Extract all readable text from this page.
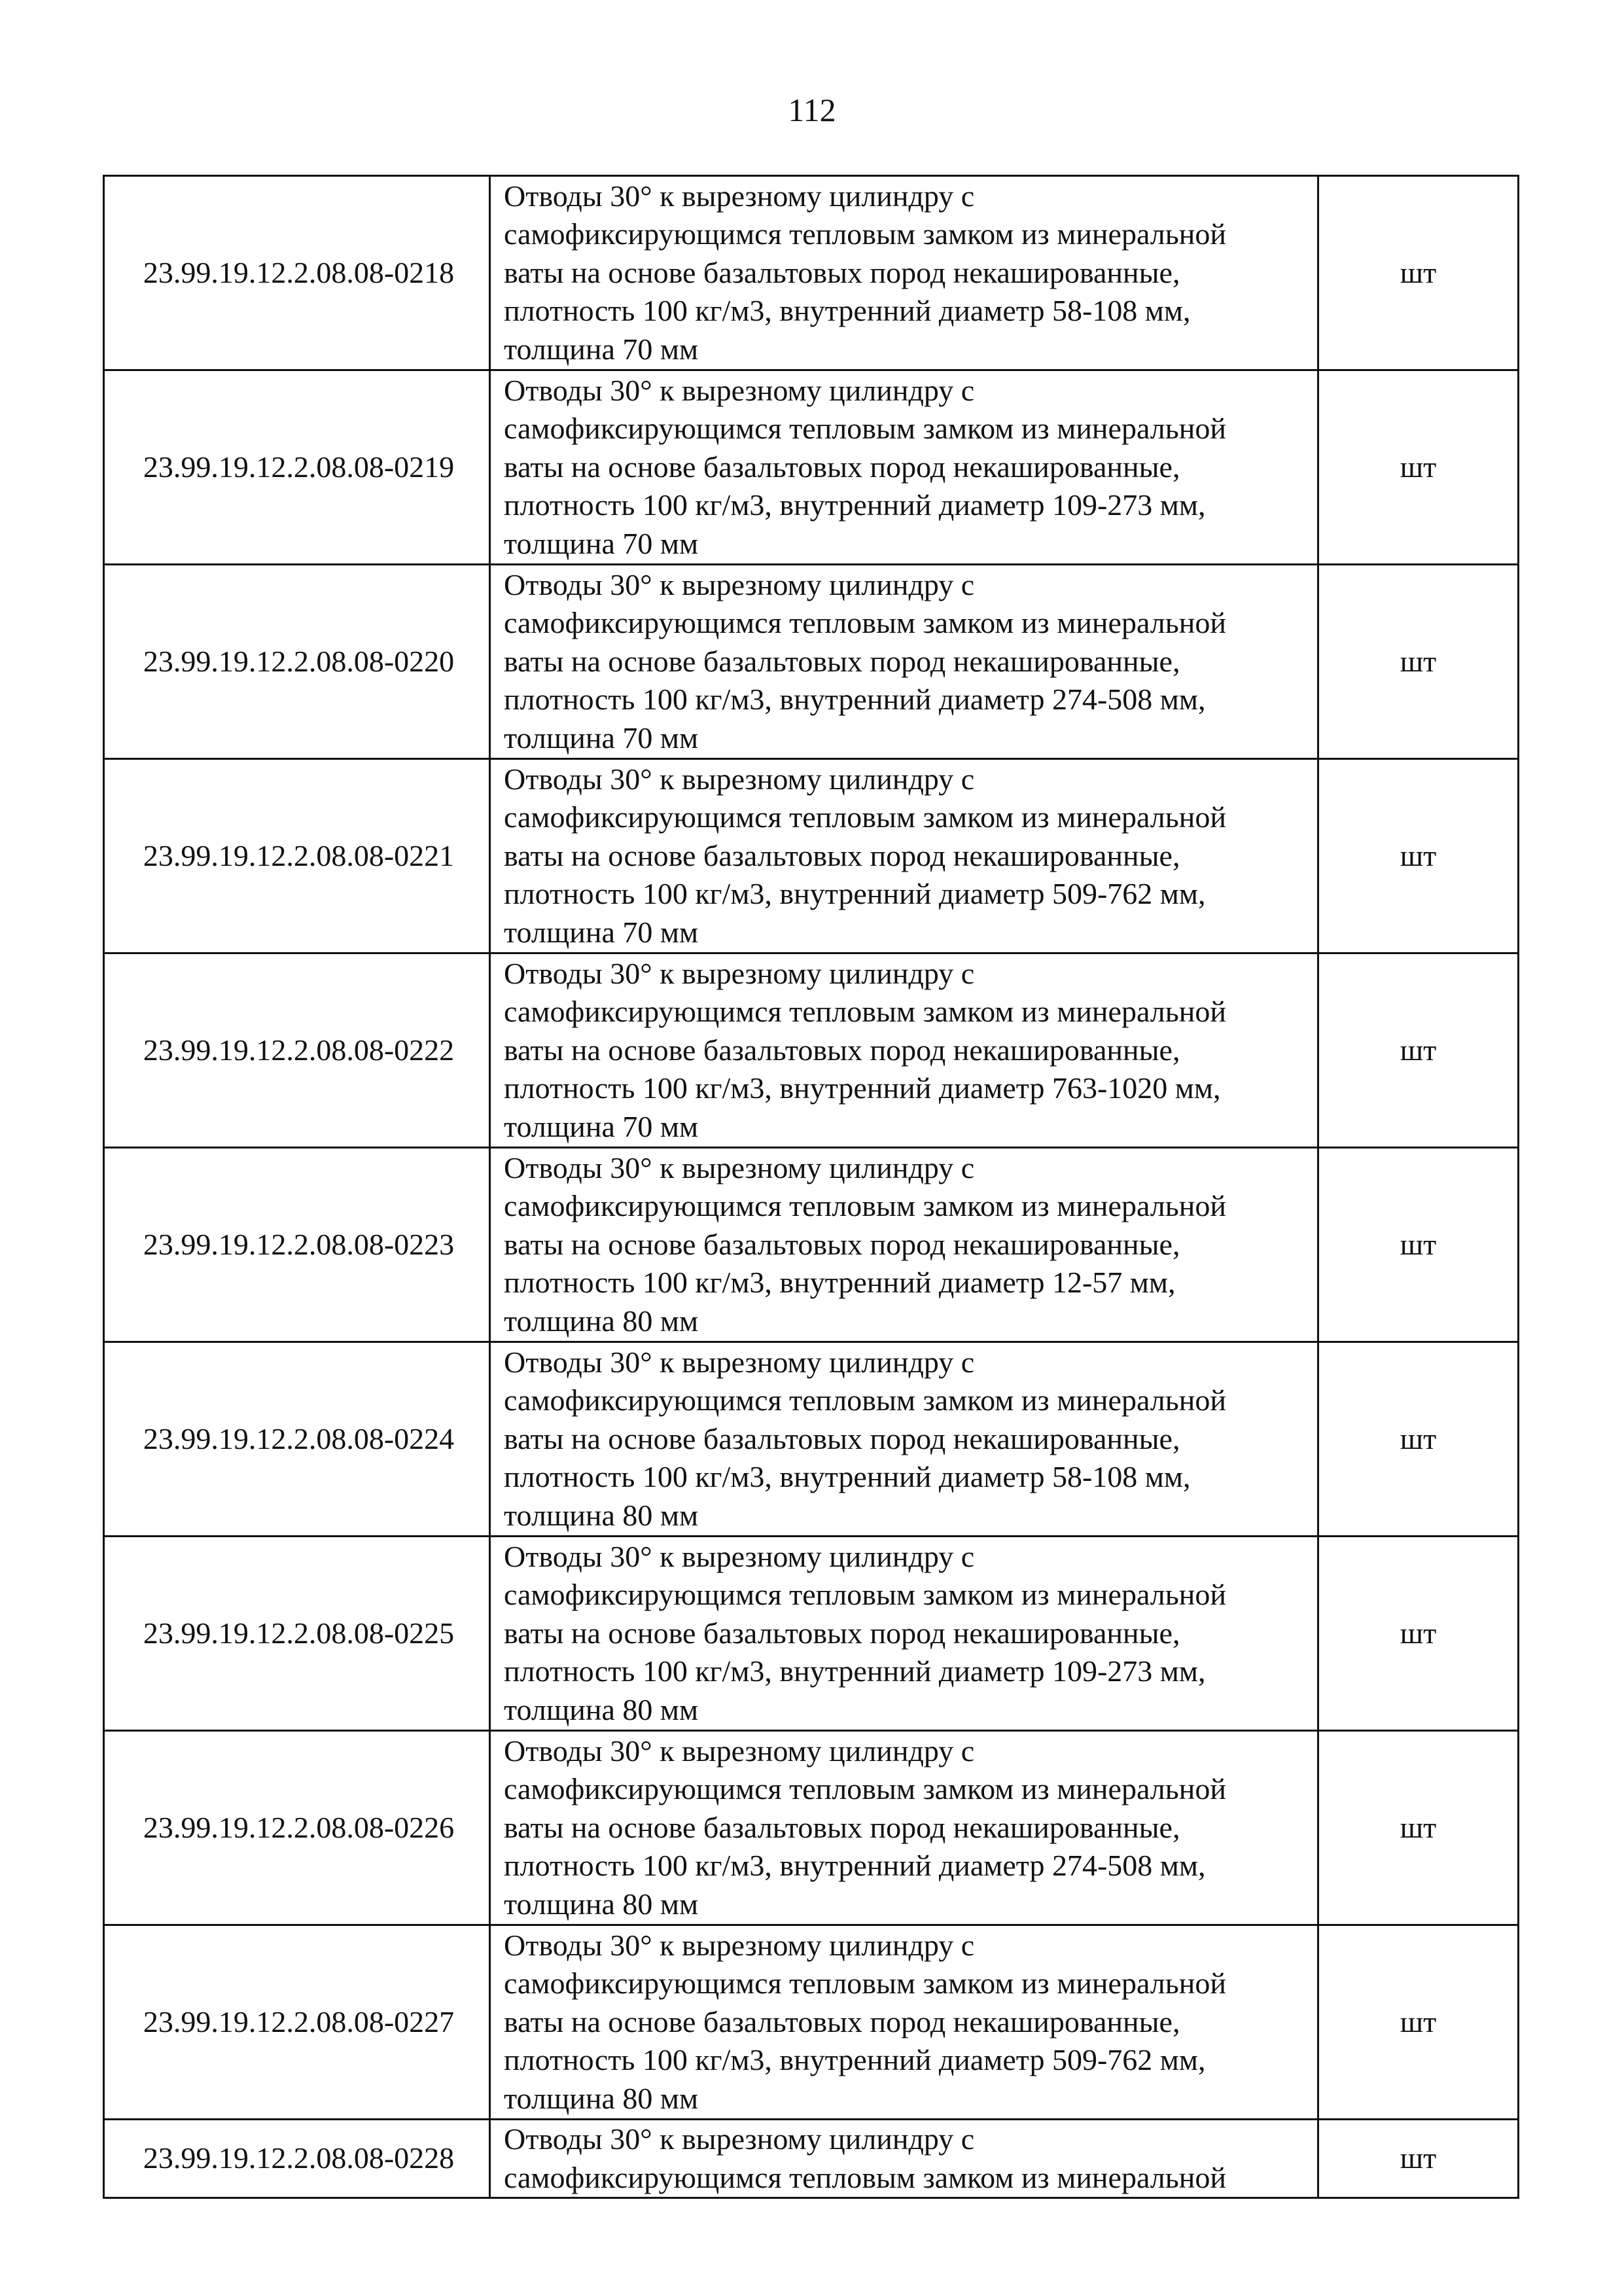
112
23.99.19.12.2.08.08-0218	Отводы 30° к вырезному цилиндру с
самофиксирующимся тепловым замком из минеральной
ваты на основе базальтовых пород некашированные,
плотность 100 кг/м3, внутренний диаметр 58-108 мм,
толщина 70 мм	шт
23.99.19.12.2.08.08-0219	Отводы 30° к вырезному цилиндру с
самофиксирующимся тепловым замком из минеральной
ваты на основе базальтовых пород некашированные,
плотность 100 кг/м3, внутренний диаметр 109-273 мм,
толщина 70 мм	шт
23.99.19.12.2.08.08-0220	Отводы 30° к вырезному цилиндру с
самофиксирующимся тепловым замком из минеральной
ваты на основе базальтовых пород некашированные,
плотность 100 кг/м3, внутренний диаметр 274-508 мм,
толщина 70 мм	шт
23.99.19.12.2.08.08-0221	Отводы 30° к вырезному цилиндру с
самофиксирующимся тепловым замком из минеральной
ваты на основе базальтовых пород некашированные,
плотность 100 кг/м3, внутренний диаметр 509-762 мм,
толщина 70 мм	шт
23.99.19.12.2.08.08-0222	Отводы 30° к вырезному цилиндру с
самофиксирующимся тепловым замком из минеральной
ваты на основе базальтовых пород некашированные,
плотность 100 кг/м3, внутренний диаметр 763-1020 мм,
толщина 70 мм	шт
23.99.19.12.2.08.08-0223	Отводы 30° к вырезному цилиндру с
самофиксирующимся тепловым замком из минеральной
ваты на основе базальтовых пород некашированные,
плотность 100 кг/м3, внутренний диаметр 12-57 мм,
толщина 80 мм	шт
23.99.19.12.2.08.08-0224	Отводы 30° к вырезному цилиндру с
самофиксирующимся тепловым замком из минеральной
ваты на основе базальтовых пород некашированные,
плотность 100 кг/м3, внутренний диаметр 58-108 мм,
толщина 80 мм	шт
23.99.19.12.2.08.08-0225	Отводы 30° к вырезному цилиндру с
самофиксирующимся тепловым замком из минеральной
ваты на основе базальтовых пород некашированные,
плотность 100 кг/м3, внутренний диаметр 109-273 мм,
толщина 80 мм	шт
23.99.19.12.2.08.08-0226	Отводы 30° к вырезному цилиндру с
самофиксирующимся тепловым замком из минеральной
ваты на основе базальтовых пород некашированные,
плотность 100 кг/м3, внутренний диаметр 274-508 мм,
толщина 80 мм	шт
23.99.19.12.2.08.08-0227	Отводы 30° к вырезному цилиндру с
самофиксирующимся тепловым замком из минеральной
ваты на основе базальтовых пород некашированные,
плотность 100 кг/м3, внутренний диаметр 509-762 мм,
толщина 80 мм	шт
23.99.19.12.2.08.08-0228	Отводы 30° к вырезному цилиндру с
самофиксирующимся тепловым замком из минеральной	шт
